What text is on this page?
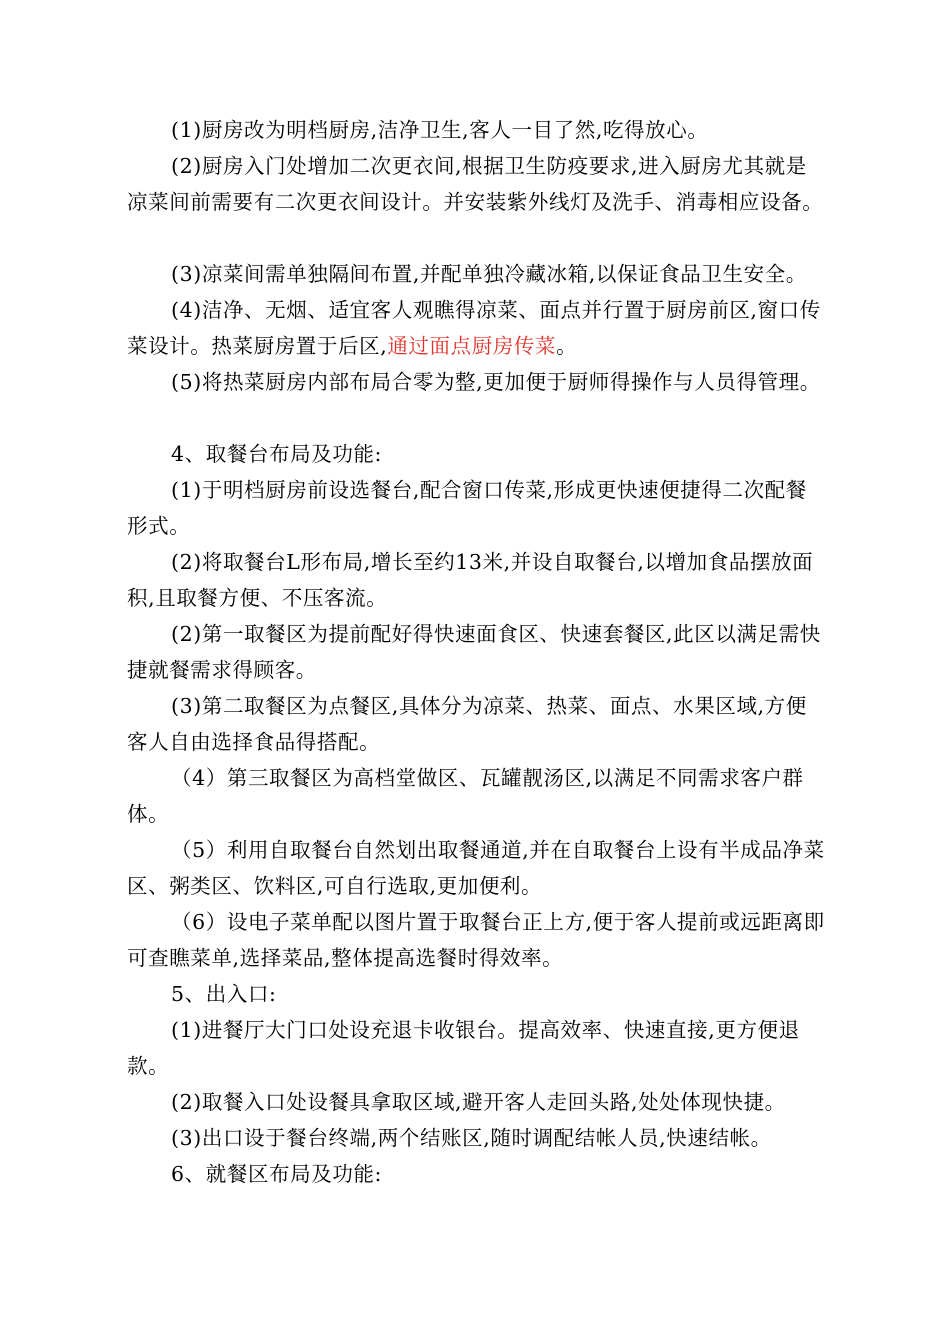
(1)厨房改为明档厨房,洁净卫生,客人一目了然,吃得放心。

(2)厨房入门处增加二次更衣间,根据卫生防疫要求,进入厨房尤其就是凉菜间前需要有二次更衣间设计。并安装紫外线灯及洗手、消毒相应设备。

(3)凉菜间需单独隔间布置,并配单独冷藏冰箱,以保证食品卫生安全。

(4)洁净、无烟、适宜客人观瞧得凉菜、面点并行置于厨房前区,窗口传菜设计。热菜厨房置于后区,通过面点厨房传菜。

(5)将热菜厨房内部布局合零为整,更加便于厨师得操作与人员得管理。

4、取餐台布局及功能:

(1)于明档厨房前设选餐台,配合窗口传菜,形成更快速便捷得二次配餐形式。

(2)将取餐台L形布局,增长至约13米,并设自取餐台,以增加食品摆放面积,且取餐方便、不压客流。

(2)第一取餐区为提前配好得快速面食区、快速套餐区,此区以满足需快捷就餐需求得顾客。

(3)第二取餐区为点餐区,具体分为凉菜、热菜、面点、水果区域,方便客人自由选择食品得搭配。

（4）第三取餐区为高档堂做区、瓦罐靓汤区,以满足不同需求客户群体。

（5）利用自取餐台自然划出取餐通道,并在自取餐台上设有半成品净菜区、粥类区、饮料区,可自行选取,更加便利。

（6）设电子菜单配以图片置于取餐台正上方,便于客人提前或远距离即可查瞧菜单,选择菜品,整体提高选餐时得效率。

5、出入口:

(1)进餐厅大门口处设充退卡收银台。提高效率、快速直接,更方便退款。

(2)取餐入口处设餐具拿取区域,避开客人走回头路,处处体现快捷。

(3)出口设于餐台终端,两个结账区,随时调配结帐人员,快速结帐。

6、就餐区布局及功能:
